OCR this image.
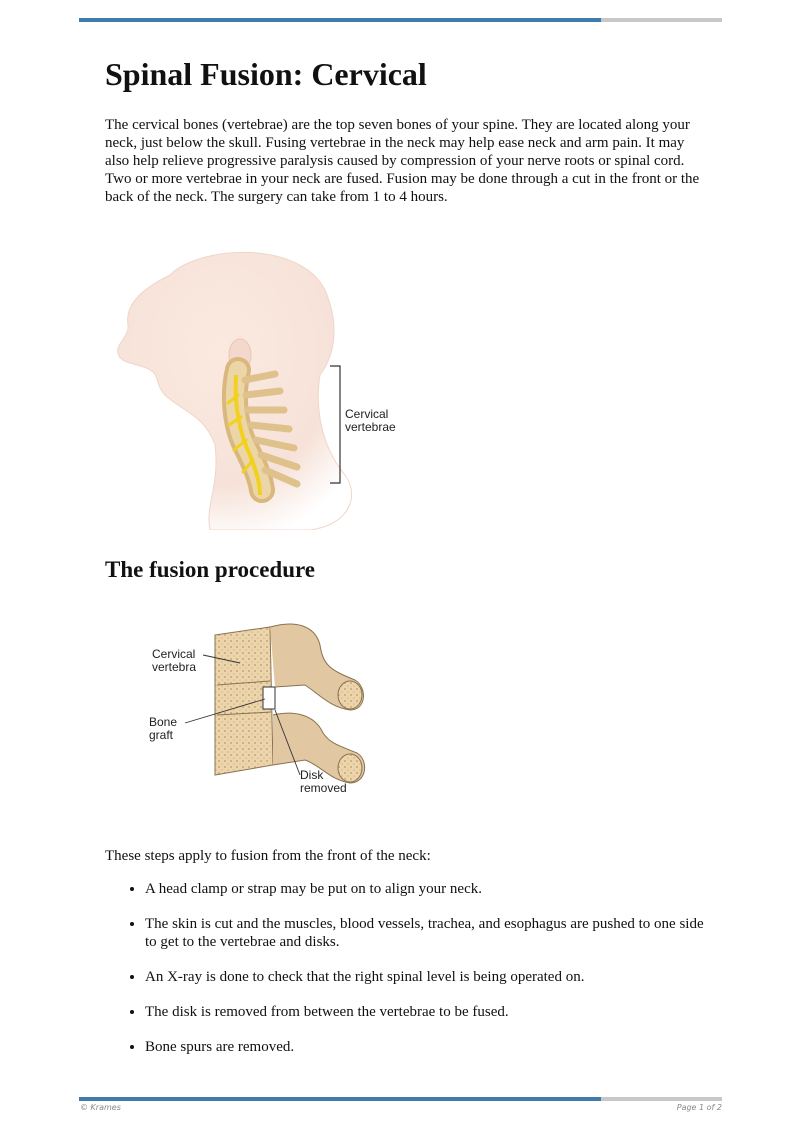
Spinal Fusion: Cervical

The cervical bones (vertebrae) are the top seven bones of your spine. They are located along your neck, just below the skull. Fusing vertebrae in the neck may help ease neck and arm pain. It may also help relieve progressive paralysis caused by compression of your nerve roots or spinal cord. Two or more vertebrae in your neck are fused. Fusion may be done through a cut in the front or the back of the neck. The surgery can take from 1 to 4 hours.

Cervical
vertebrae
The fusion procedure
Cervical
vertebra
Bone
graft
Disk
removed

These steps apply to fusion from the front of the neck:

• A head clamp or strap may be put on to align your neck.
• The skin is cut and the muscles, blood vessels, trachea, and esophagus are pushed to one side to get to the vertebrae and disks.
• An X-ray is done to check that the right spinal level is being operated on.
• The disk is removed from between the vertebrae to be fused.
• Bone spurs are removed.
© Krames	Page 1 of 2
